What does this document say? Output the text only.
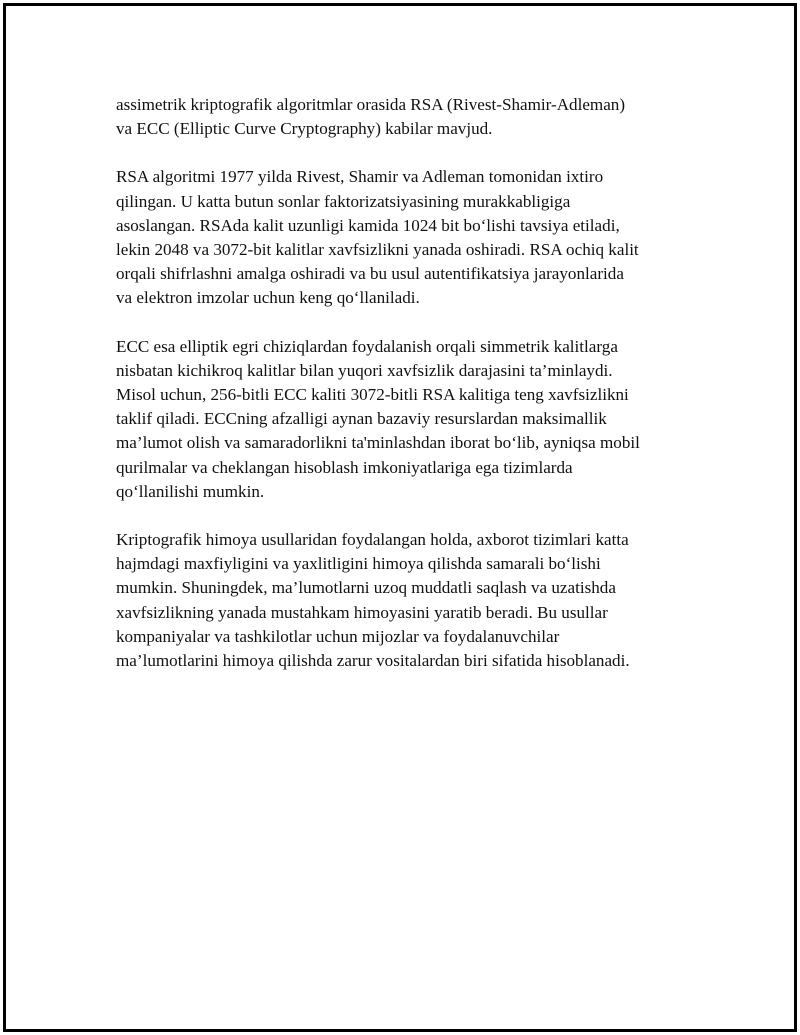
assimetrik kriptografik algoritmlar orasida RSA (Rivest-Shamir-Adleman)
va ECC (Elliptic Curve Cryptography) kabilar mavjud.

RSA algoritmi 1977 yilda Rivest, Shamir va Adleman tomonidan ixtiro
qilingan. U katta butun sonlar faktorizatsiyasining murakkabligiga
asoslangan. RSAda kalit uzunligi kamida 1024 bit bo‘lishi tavsiya etiladi,
lekin 2048 va 3072-bit kalitlar xavfsizlikni yanada oshiradi. RSA ochiq kalit
orqali shifrlashni amalga oshiradi va bu usul autentifikatsiya jarayonlarida
va elektron imzolar uchun keng qo‘llaniladi.

ECC esa elliptik egri chiziqlardan foydalanish orqali simmetrik kalitlarga
nisbatan kichikroq kalitlar bilan yuqori xavfsizlik darajasini ta’minlaydi.
Misol uchun, 256-bitli ECC kaliti 3072-bitli RSA kalitiga teng xavfsizlikni
taklif qiladi. ECCning afzalligi aynan bazaviy resurslardan maksimallik
ma’lumot olish va samaradorlikni ta'minlashdan iborat bo‘lib, ayniqsa mobil
qurilmalar va cheklangan hisoblash imkoniyatlariga ega tizimlarda
qo‘llanilishi mumkin.

Kriptografik himoya usullaridan foydalangan holda, axborot tizimlari katta
hajmdagi maxfiyligini va yaxlitligini himoya qilishda samarali bo‘lishi
mumkin. Shuningdek, ma’lumotlarni uzoq muddatli saqlash va uzatishda
xavfsizlikning yanada mustahkam himoyasini yaratib beradi. Bu usullar
kompaniyalar va tashkilotlar uchun mijozlar va foydalanuvchilar
ma’lumotlarini himoya qilishda zarur vositalardan biri sifatida hisoblanadi.
